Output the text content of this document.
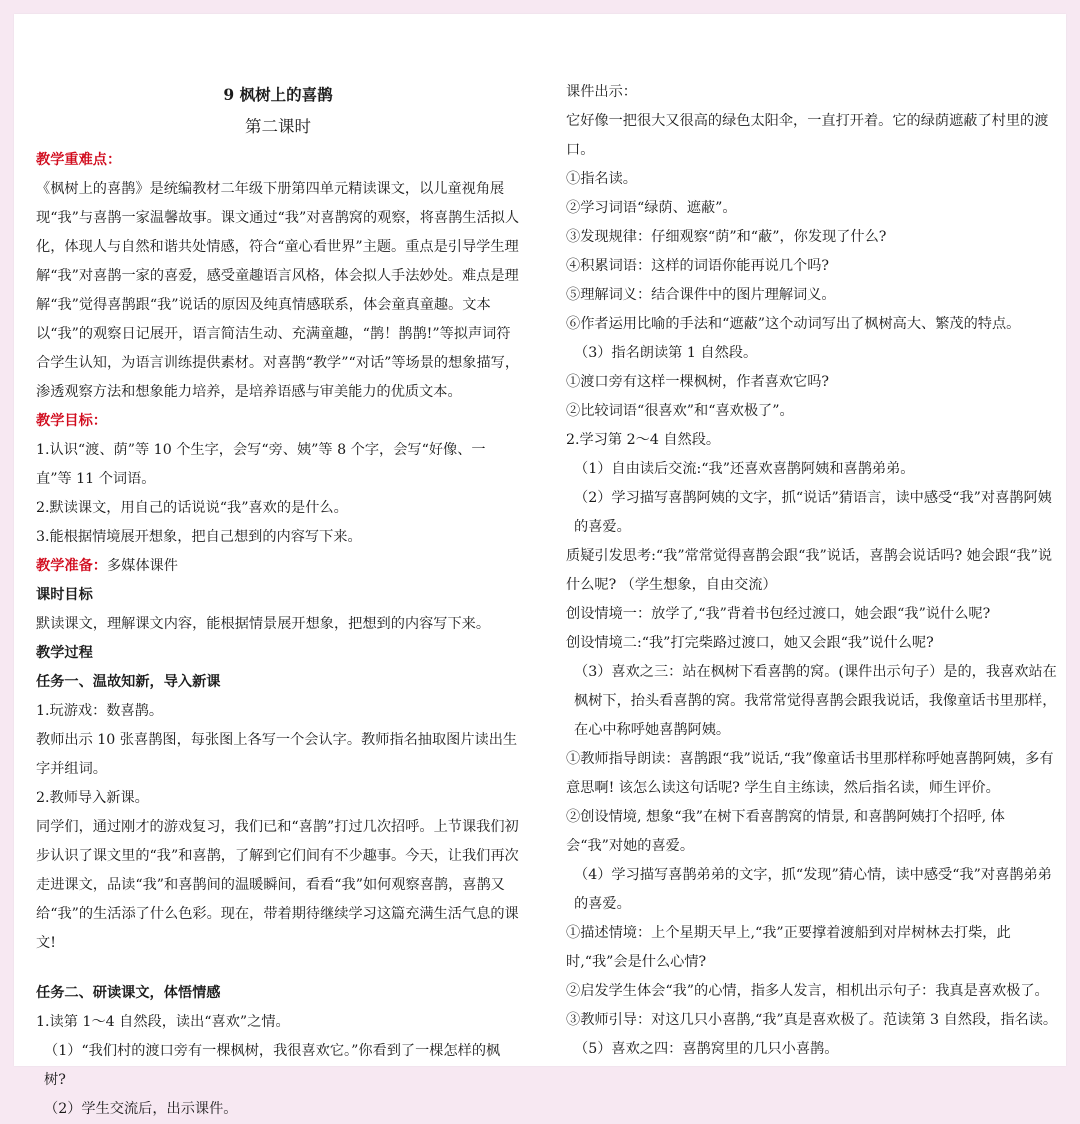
9 枫树上的喜鹊

第二课时

教学重难点：

《枫树上的喜鹊》是统编教材二年级下册第四单元精读课文，以儿童视角展现“我”与喜鹊一家温馨故事。课文通过“我”对喜鹊窝的观察，将喜鹊生活拟人化，体现人与自然和谐共处情感，符合“童心看世界”主题。重点是引导学生理解“我”对喜鹊一家的喜爱，感受童趣语言风格，体会拟人手法妙处。难点是理解“我”觉得喜鹊跟“我”说话的原因及纯真情感联系，体会童真童趣。文本以“我”的观察日记展开，语言简洁生动、充满童趣，“鹊！鹊鹊!”等拟声词符合学生认知，为语言训练提供素材。对喜鹊“教学”“对话”等场景的想象描写，渗透观察方法和想象能力培养，是培养语感与审美能力的优质文本。

教学目标：

1.认识“渡、荫”等 10 个生字，会写“旁、姨”等 8 个字，会写“好像、一直”等 11 个词语。

2.默读课文，用自己的话说说“我”喜欢的是什么。

3.能根据情境展开想象，把自己想到的内容写下来。

教学准备：多媒体课件

课时目标

默读课文，理解课文内容，能根据情景展开想象，把想到的内容写下来。

教学过程

任务一、温故知新，导入新课

1.玩游戏：数喜鹊。

教师出示 10 张喜鹊图，每张图上各写一个会认字。教师指名抽取图片读出生字并组词。

2.教师导入新课。

同学们，通过刚才的游戏复习，我们已和“喜鹊”打过几次招呼。上节课我们初步认识了课文里的“我”和喜鹊，了解到它们间有不少趣事。今天，让我们再次走进课文，品读“我”和喜鹊间的温暖瞬间，看看“我”如何观察喜鹊，喜鹊又给“我”的生活添了什么色彩。现在，带着期待继续学习这篇充满生活气息的课文!

任务二、研读课文，体悟情感

1.读第 1～4 自然段，读出“喜欢”之情。

（1）“我们村的渡口旁有一棵枫树，我很喜欢它。”你看到了一棵怎样的枫树?

（2）学生交流后，出示课件。

课件出示：

它好像一把很大又很高的绿色太阳伞，一直打开着。它的绿荫遮蔽了村里的渡口。

①指名读。

②学习词语“绿荫、遮蔽”。

③发现规律：仔细观察“荫”和“蔽”，你发现了什么?

④积累词语：这样的词语你能再说几个吗?

⑤理解词义：结合课件中的图片理解词义。

⑥作者运用比喻的手法和“遮蔽”这个动词写出了枫树高大、繁茂的特点。

（3）指名朗读第 1 自然段。

①渡口旁有这样一棵枫树，作者喜欢它吗?

②比较词语“很喜欢”和“喜欢极了”。

2.学习第 2～4 自然段。

（1）自由读后交流:“我”还喜欢喜鹊阿姨和喜鹊弟弟。

（2）学习描写喜鹊阿姨的文字，抓“说话”猜语言，读中感受“我”对喜鹊阿姨的喜爱。

质疑引发思考:“我”常常觉得喜鹊会跟“我”说话，喜鹊会说话吗? 她会跟“我”说什么呢? （学生想象，自由交流）

创设情境一：放学了,“我”背着书包经过渡口，她会跟“我”说什么呢?

创设情境二:“我”打完柴路过渡口，她又会跟“我”说什么呢?

（3）喜欢之三：站在枫树下看喜鹊的窝。(课件出示句子）是的，我喜欢站在枫树下，抬头看喜鹊的窝。我常常觉得喜鹊会跟我说话，我像童话书里那样，在心中称呼她喜鹊阿姨。

①教师指导朗读：喜鹊跟“我”说话,“我”像童话书里那样称呼她喜鹊阿姨，多有意思啊! 该怎么读这句话呢? 学生自主练读，然后指名读，师生评价。

②创设情境, 想象“我”在树下看喜鹊窝的情景, 和喜鹊阿姨打个招呼, 体会“我”对她的喜爱。

（4）学习描写喜鹊弟弟的文字，抓“发现”猜心情，读中感受“我”对喜鹊弟弟的喜爱。

①描述情境：上个星期天早上,“我”正要撑着渡船到对岸树林去打柴，此时,“我”会是什么心情?

②启发学生体会“我”的心情，指多人发言，相机出示句子：我真是喜欢极了。

③教师引导：对这几只小喜鹊,“我”真是喜欢极了。范读第 3 自然段，指名读。

（5）喜欢之四：喜鹊窝里的几只小喜鹊。
